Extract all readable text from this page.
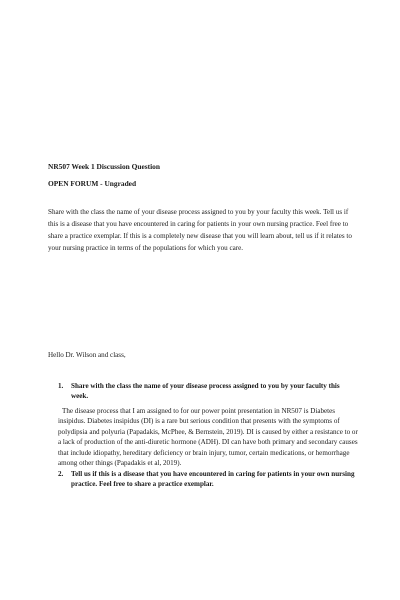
NR507 Week 1 Discussion Question
OPEN FORUM - Ungraded
Share with the class the name of your disease process assigned to you by your faculty this week. Tell us if this is a disease that you have encountered in caring for patients in your own nursing practice. Feel free to share a practice exemplar. If this is a completely new disease that you will learn about, tell us if it relates to your nursing practice in terms of the populations for which you care.
Hello Dr. Wilson and class,
1. Share with the class the name of your disease process assigned to you by your faculty this week.
The disease process that I am assigned to for our power point presentation in NR507 is Diabetes insipidus. Diabetes insipidus (DI) is a rare but serious condition that presents with the symptoms of polydipsia and polyuria (Papadakis, McPhee, & Bernstein, 2019). DI is caused by either a resistance to or a lack of production of the anti-diuretic hormone (ADH). DI can have both primary and secondary causes that include idiopathy, hereditary deficiency or brain injury, tumor, certain medications, or hemorrhage among other things (Papadakis et al, 2019).
2. Tell us if this is a disease that you have encountered in caring for patients in your own nursing practice. Feel free to share a practice exemplar.
